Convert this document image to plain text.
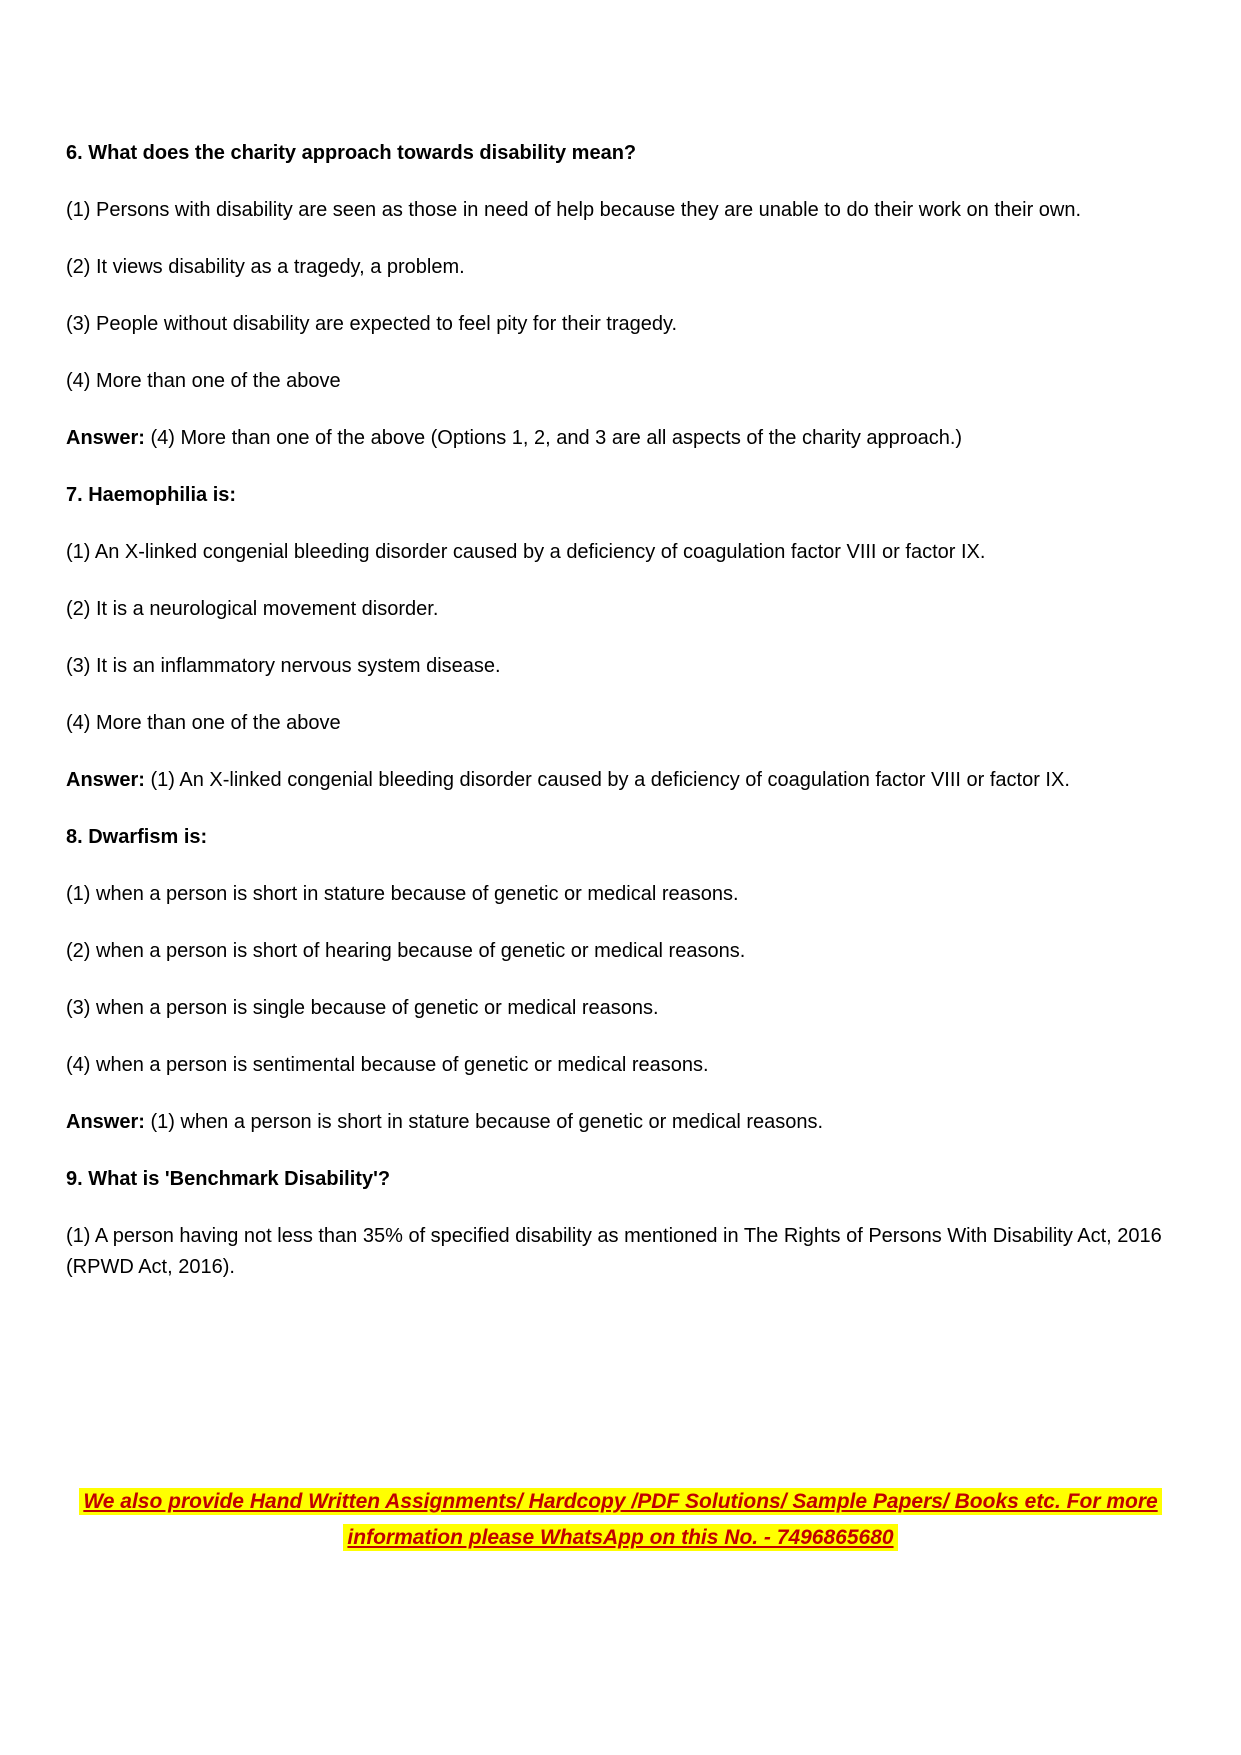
6. What does the charity approach towards disability mean?

(1) Persons with disability are seen as those in need of help because they are unable to do their work on their own.

(2) It views disability as a tragedy, a problem.

(3) People without disability are expected to feel pity for their tragedy.

(4) More than one of the above

Answer: (4) More than one of the above (Options 1, 2, and 3 are all aspects of the charity approach.)

7. Haemophilia is:

(1) An X-linked congenial bleeding disorder caused by a deficiency of coagulation factor VIII or factor IX.

(2) It is a neurological movement disorder.

(3) It is an inflammatory nervous system disease.

(4) More than one of the above

Answer: (1) An X-linked congenial bleeding disorder caused by a deficiency of coagulation factor VIII or factor IX.

8. Dwarfism is:

(1) when a person is short in stature because of genetic or medical reasons.

(2) when a person is short of hearing because of genetic or medical reasons.

(3) when a person is single because of genetic or medical reasons.

(4) when a person is sentimental because of genetic or medical reasons.

Answer: (1) when a person is short in stature because of genetic or medical reasons.

9. What is 'Benchmark Disability'?

(1) A person having not less than 35% of specified disability as mentioned in The Rights of Persons With Disability Act, 2016 (RPWD Act, 2016).

We also provide Hand Written Assignments/ Hardcopy /PDF Solutions/ Sample Papers/ Books etc. For more information please WhatsApp on this No. - 7496865680
